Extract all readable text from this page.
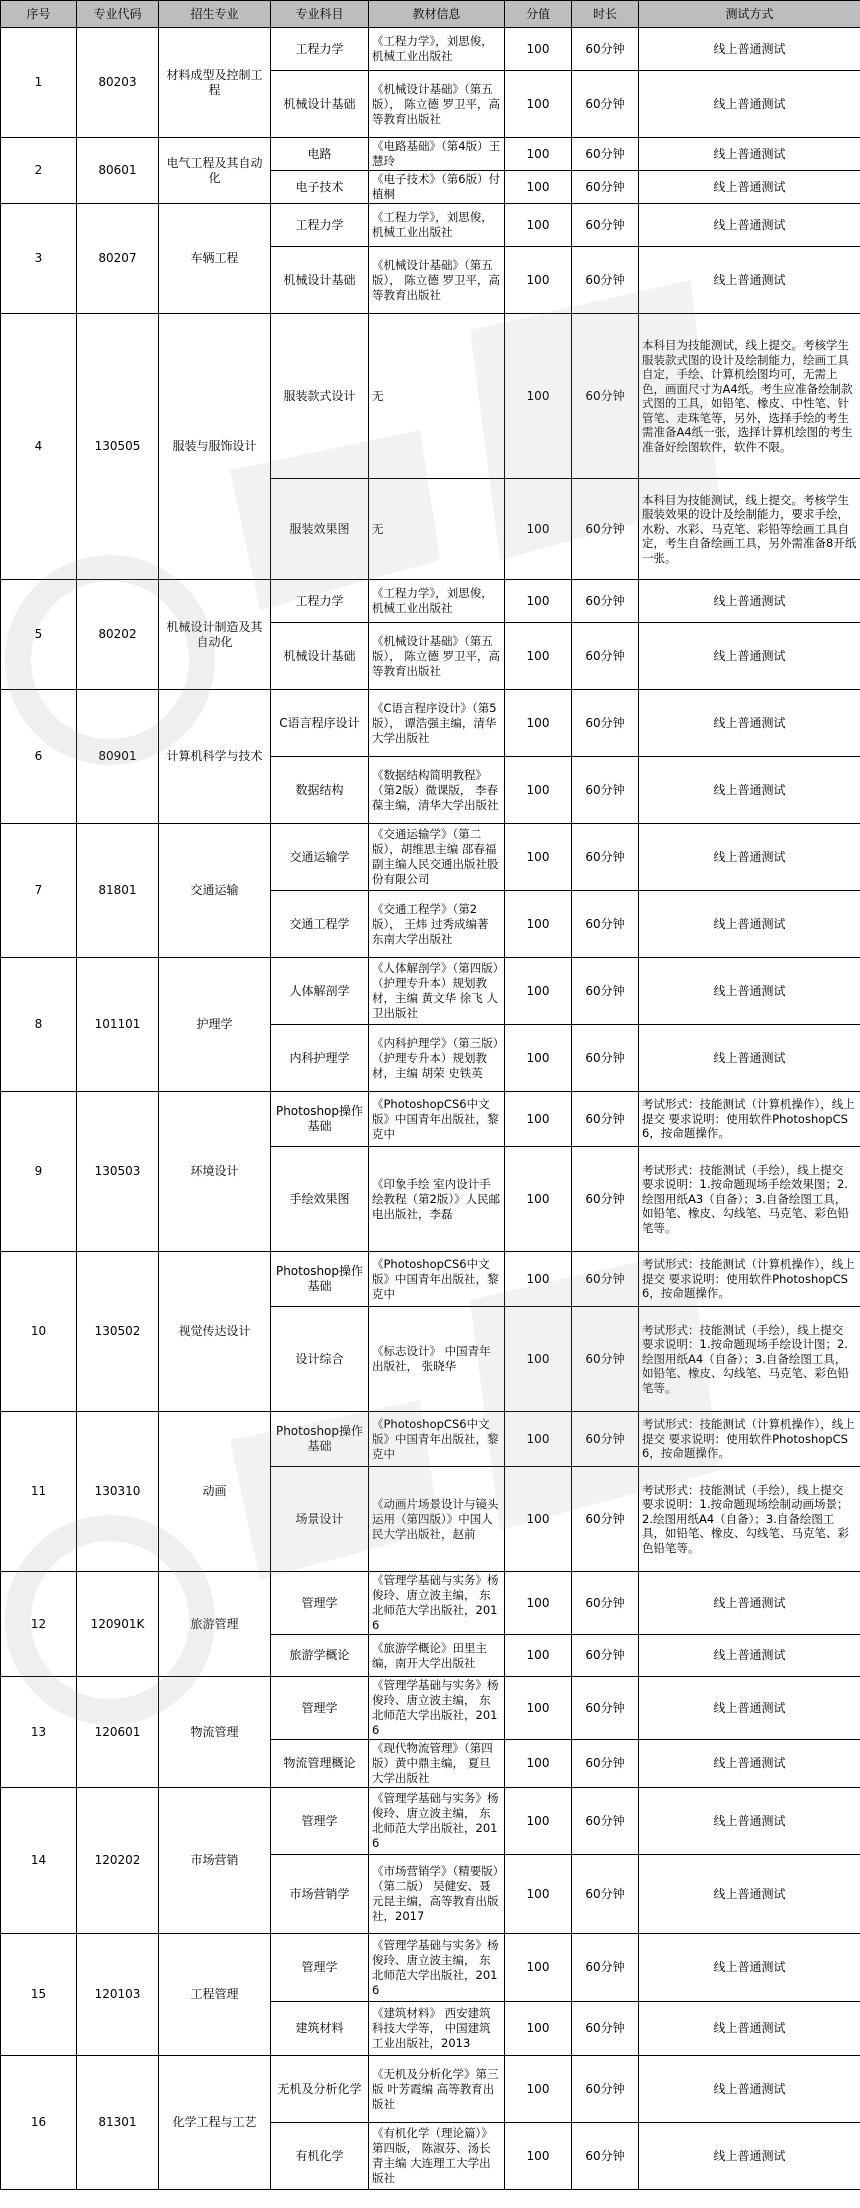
序号	专业代码	招生专业	专业科目	教材信息	分值	时长	测试方式
1	80203	材料成型及控制工程	工程力学	《工程力学》，刘思俊，机械工业出版社	100	60分钟	线上普通测试
			机械设计基础	《机械设计基础》（第五版）， 陈立德 罗卫平，高等教育出版社	100	60分钟	线上普通测试
2	80601	电气工程及其自动化	电路	《电路基础》（第4版）王慧玲	100	60分钟	线上普通测试
			电子技术	《电子技术》（第6版）付植桐	100	60分钟	线上普通测试
3	80207	车辆工程	工程力学	《工程力学》，刘思俊，机械工业出版社	100	60分钟	线上普通测试
			机械设计基础	《机械设计基础》（第五版）， 陈立德 罗卫平，高等教育出版社	100	60分钟	线上普通测试
4	130505	服装与服饰设计	服装款式设计	无	100	60分钟	本科目为技能测试，线上提交。考核学生服装款式图的设计及绘制能力，绘画工具自定，手绘、计算机绘图均可，无需上色，画面尺寸为A4纸。考生应准备绘制款式图的工具，如铅笔、橡皮、中性笔、针管笔、走珠笔等，另外，选择手绘的考生需准备A4纸一张，选择计算机绘图的考生准备好绘图软件，软件不限。
			服装效果图	无	100	60分钟	本科目为技能测试，线上提交。考核学生服装效果的设计及绘制能力，要求手绘，水粉、水彩、马克笔、彩铅等绘画工具自定，考生自备绘画工具，另外需准备8开纸一张。
5	80202	机械设计制造及其自动化	工程力学	《工程力学》，刘思俊，机械工业出版社	100	60分钟	线上普通测试
			机械设计基础	《机械设计基础》（第五版）， 陈立德 罗卫平，高等教育出版社	100	60分钟	线上普通测试
6	80901	计算机科学与技术	C语言程序设计	《C语言程序设计》（第5版）， 谭浩强主编，清华大学出版社	100	60分钟	线上普通测试
			数据结构	《数据结构简明教程》（第2版）微课版， 李春葆主编，清华大学出版社	100	60分钟	线上普通测试
7	81801	交通运输	交通运输学	《交通运输学》（第二版），胡维思主编 邵春福副主编人民交通出版社股份有限公司	100	60分钟	线上普通测试
			交通工程学	《交通工程学》（第2版）， 王炜 过秀成编著 东南大学出版社	100	60分钟	线上普通测试
8	101101	护理学	人体解剖学	《人体解剖学》（第四版）（护理专升本）规划教材，主编 黄文华 徐飞 人卫出版社	100	60分钟	线上普通测试
			内科护理学	《内科护理学》（第三版）（护理专升本）规划教材，主编 胡荣 史铁英	100	60分钟	线上普通测试
9	130503	环境设计	Photoshop操作基础	《PhotoshopCS6中文版》中国青年出版社，黎克中	100	60分钟	考试形式：技能测试（计算机操作），线上提交 要求说明：使用软件PhotoshopCS6，按命题操作。
			手绘效果图	《印象手绘 室内设计手绘教程（第2版）》人民邮电出版社，李磊	100	60分钟	考试形式：技能测试（手绘），线上提交 要求说明：1.按命题现场手绘效果图；2.绘图用纸A3（自备）；3.自备绘图工具，如铅笔、橡皮、勾线笔、马克笔、彩色铅笔等。
10	130502	视觉传达设计	Photoshop操作基础	《PhotoshopCS6中文版》中国青年出版社，黎克中	100	60分钟	考试形式：技能测试（计算机操作），线上提交 要求说明：使用软件PhotoshopCS6，按命题操作。
			设计综合	《标志设计》 中国青年出版社， 张晓华	100	60分钟	考试形式：技能测试（手绘），线上提交 要求说明：1.按命题现场手绘设计图；2.绘图用纸A4（自备）；3.自备绘图工具，如铅笔、橡皮、勾线笔、马克笔、彩色铅笔等。
11	130310	动画	Photoshop操作基础	《PhotoshopCS6中文版》中国青年出版社，黎克中	100	60分钟	考试形式：技能测试（计算机操作），线上提交 要求说明：使用软件PhotoshopCS6，按命题操作。
			场景设计	《动画片场景设计与镜头运用（第四版）》中国人民大学出版社，赵前	100	60分钟	考试形式：技能测试（手绘），线上提交 要求说明：1.按命题现场绘制动画场景；2.绘图用纸A4（自备）；3.自备绘图工具，如铅笔、橡皮、勾线笔、马克笔、彩色铅笔等。
12	120901K	旅游管理	管理学	《管理学基础与实务》杨俊玲、唐立波主编， 东北师范大学出版社，2016	100	60分钟	线上普通测试
			旅游学概论	《旅游学概论》田里主编，南开大学出版社	100	60分钟	线上普通测试
13	120601	物流管理	管理学	《管理学基础与实务》杨俊玲、唐立波主编， 东北师范大学出版社，2016	100	60分钟	线上普通测试
			物流管理概论	《现代物流管理》（第四版）黄中鼎主编， 夏旦大学出版社	100	60分钟	线上普通测试
14	120202	市场营销	管理学	《管理学基础与实务》杨俊玲、唐立波主编， 东北师范大学出版社，2016	100	60分钟	线上普通测试
			市场营销学	《市场营销学》（精要版）（第二版） 吴健安、聂元昆主编，高等教育出版社，2017	100	60分钟	线上普通测试
15	120103	工程管理	管理学	《管理学基础与实务》杨俊玲、唐立波主编， 东北师范大学出版社，2016	100	60分钟	线上普通测试
			建筑材料	《建筑材料》 西安建筑科技大学等， 中国建筑工业出版社，2013	100	60分钟	线上普通测试
16	81301	化学工程与工艺	无机及分析化学	《无机及分析化学》第三版 叶芳霞编 高等教育出版社	100	60分钟	线上普通测试
			有机化学	《有机化学（理论篇）》第四版， 陈淑芬、汤长青主编 大连理工大学出版社	100	60分钟	线上普通测试
